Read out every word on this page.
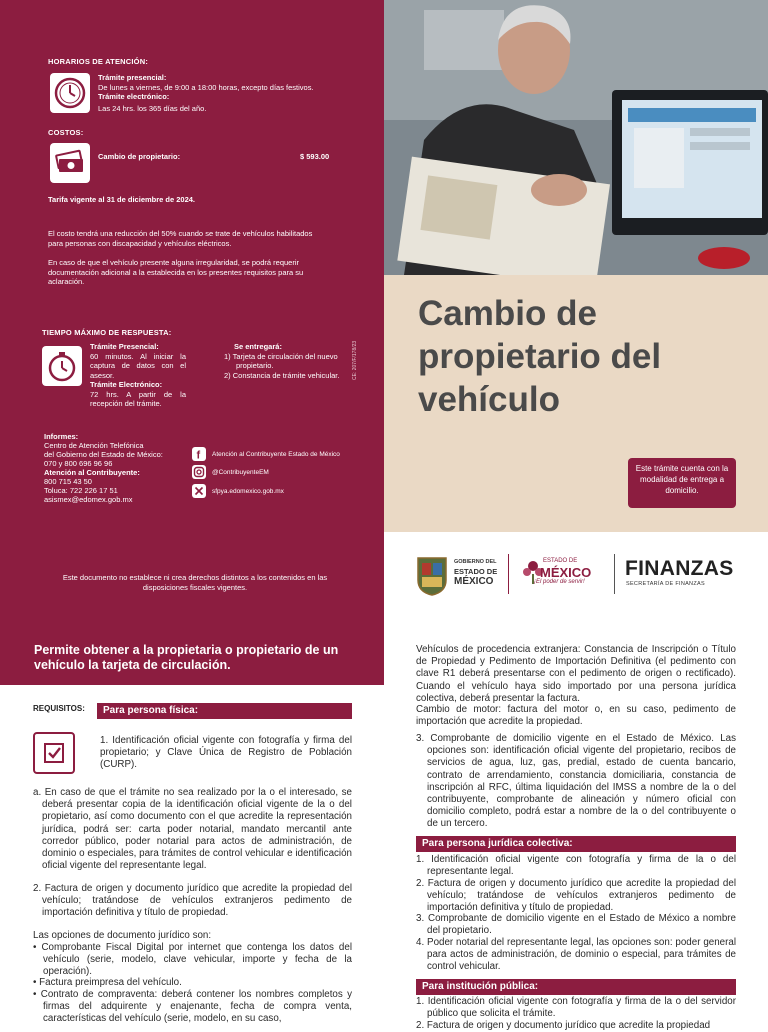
HORARIOS DE ATENCIÓN:
Trámite presencial:
De lunes a viernes, de 9:00 a 18:00 horas, excepto días festivos.
Trámite electrónico:
Las 24 hrs. los 365 días del año.
COSTOS:
Cambio de propietario:	$ 593.00
Tarifa vigente al 31 de diciembre de 2024.
El costo tendrá una reducción del 50% cuando se trate de vehículos habilitados para personas con discapacidad y vehículos eléctricos.
En caso de que el vehículo presente alguna irregularidad, se podrá requerir documentación adicional a la establecida en los presentes requisitos para su aclaración.
TIEMPO MÁXIMO DE RESPUESTA:
Trámite Presencial:
60 minutos. Al iniciar la captura de datos con el asesor.
Trámite Electrónico:
72 hrs. A partir de la recepción del trámite.
Se entregará:
1) Tarjeta de circulación del nuevo propietario.
2) Constancia de trámite vehicular.	CE: 207/F/178/23
Informes:
Centro de Atención Telefónica
del Gobierno del Estado de México:
070 y 800 696 96 96
Atención al Contribuyente:
800 715 43 50
Toluca: 722 226 17 51
asismex@edomex.gob.mx
f Atención al Contribuyente Estado de México
@ContribuyenteEM
sfpya.edomexico.gob.mx
Este documento no establece ni crea derechos distintos a los contenidos en las disposiciones fiscales vigentes.
Permite obtener a la propietaria o propietario de un vehículo la tarjeta de circulación.
Cambio de propietario del vehículo
Este trámite cuenta con la modalidad de entrega a domicilio.
GOBIERNO DEL
ESTADO DE
MÉXICO
ESTADO DE
MÉXICO
¡El poder de servir!
FINANZAS
SECRETARÍA DE FINANZAS
REQUISITOS:	Para persona física:
1. Identificación oficial vigente con fotografía y firma del propietario; y Clave Única de Registro de Población (CURP).
a. En caso de que el trámite no sea realizado por la o el interesado, se deberá presentar copia de la identificación oficial vigente de la o del propietario, así como documento con el que acredite la representación jurídica, podrá ser: carta poder notarial, mandato mercantil ante corredor público, poder notarial para actos de administración, de dominio o especiales, para trámites de control vehicular e identificación oficial vigente del representante legal.
2. Factura de origen y documento jurídico que acredite la propiedad del vehículo; tratándose de vehículos extranjeros pedimento de importación definitiva y título de propiedad.
Las opciones de documento jurídico son:
• Comprobante Fiscal Digital por internet que contenga los datos del vehículo (serie, modelo, clave vehicular, importe y fecha de la operación).
• Factura preimpresa del vehículo.
• Contrato de compraventa: deberá contener los nombres completos y firmas del adquirente y enajenante, fecha de compra venta, características del vehículo (serie, modelo, en su caso,
Vehículos de procedencia extranjera: Constancia de Inscripción o Título de Propiedad y Pedimento de Importación Definitiva (el pedimento con clave R1 deberá presentarse con el pedimento de origen o rectificado). Cuando el vehículo haya sido importado por una persona jurídica colectiva, deberá presentar la factura.
Cambio de motor: factura del motor o, en su caso, pedimento de importación que acredite la propiedad.
3. Comprobante de domicilio vigente en el Estado de México. Las opciones son: identificación oficial vigente del propietario, recibos de servicios de agua, luz, gas, predial, estado de cuenta bancario, contrato de arrendamiento, constancia domiciliaria, constancia de inscripción al RFC, última liquidación del IMSS a nombre de la o del contribuyente, comprobante de alineación y número oficial con domicilio completo, podrá estar a nombre de la o del contribuyente o de un tercero.
Para persona jurídica colectiva:
1. Identificación oficial vigente con fotografía y firma de la o del representante legal.
2. Factura de origen y documento jurídico que acredite la propiedad del vehículo; tratándose de vehículos extranjeros pedimento de importación definitiva y título de propiedad.
3. Comprobante de domicilio vigente en el Estado de México a nombre del propietario.
4. Poder notarial del representante legal, las opciones son: poder general para actos de administración, de dominio o especial, para trámites de control vehicular.
Para institución pública:
1. Identificación oficial vigente con fotografía y firma de la o del servidor público que solicita el trámite.
2. Factura de origen y documento jurídico que acredite la propiedad
